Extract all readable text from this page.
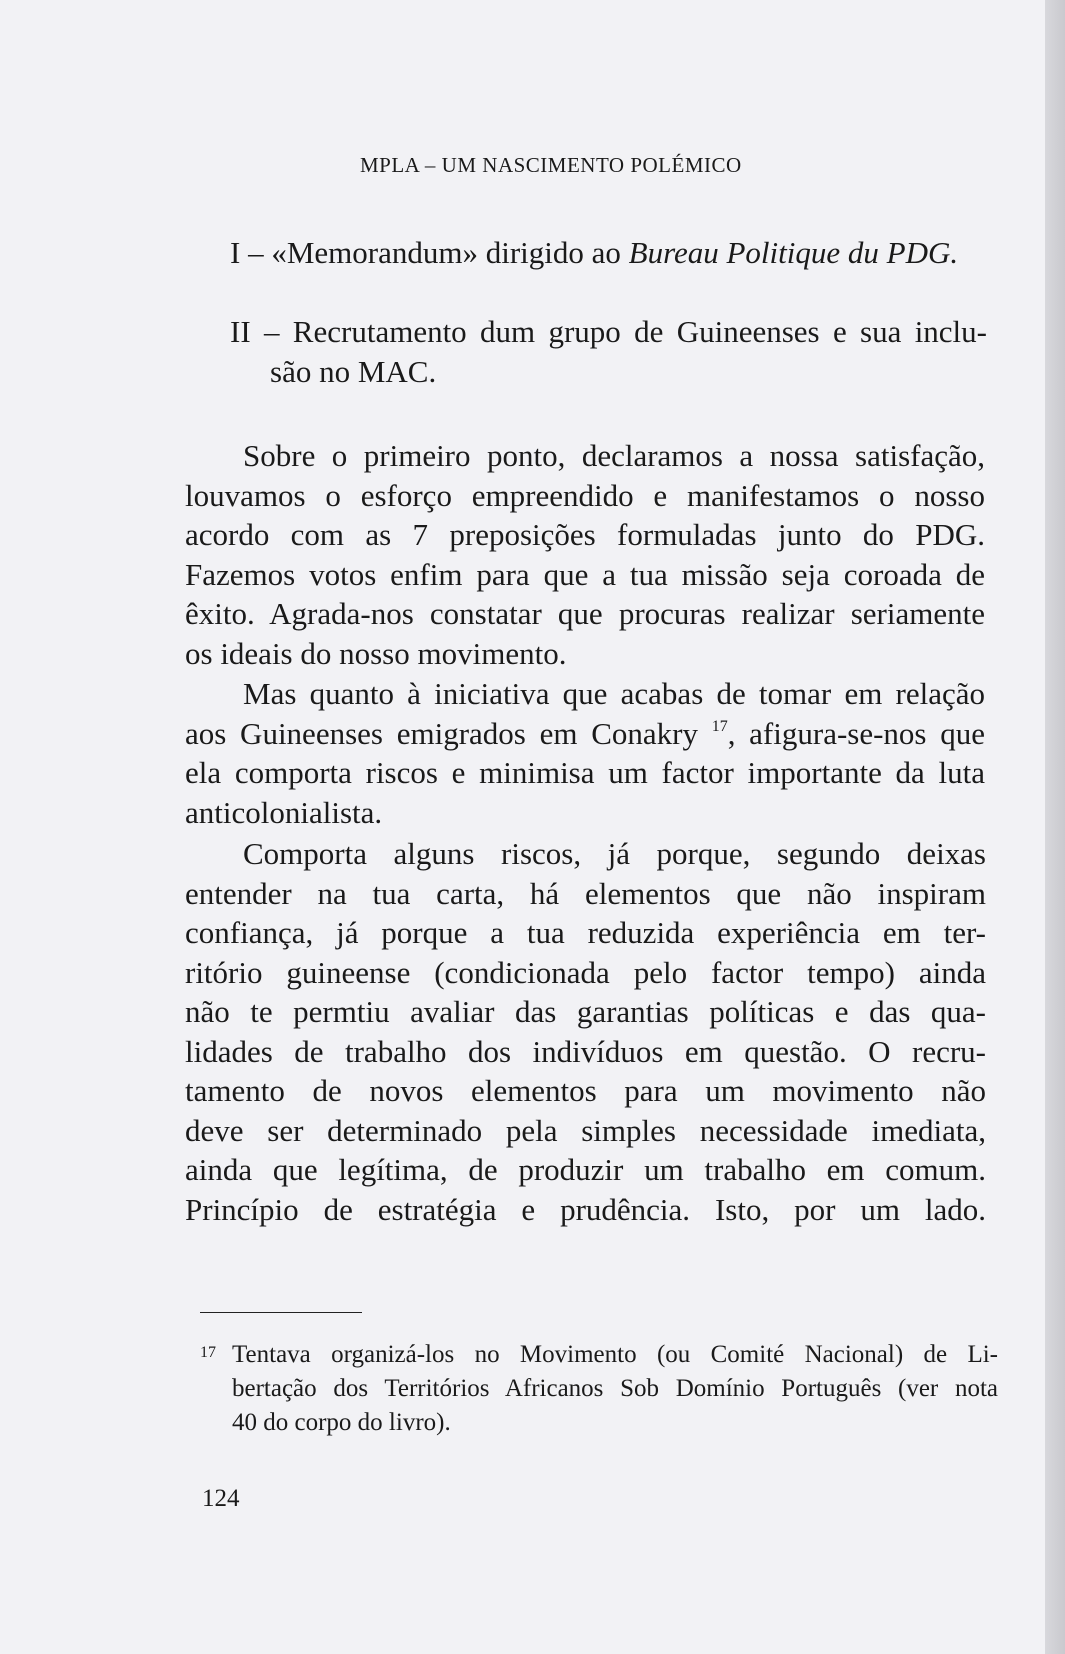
MPLA – UM NASCIMENTO POLÉMICO
I – «Memorandum» dirigido ao Bureau Politique du PDG.
II – Recrutamento dum grupo de Guineenses e sua inclu-
são no MAC.
Sobre o primeiro ponto, declaramos a nossa satisfação,
louvamos o esforço empreendido e manifestamos o nosso
acordo com as 7 preposições formuladas junto do PDG.
Fazemos votos enfim para que a tua missão seja coroada de
êxito. Agrada-nos constatar que procuras realizar seriamente
os ideais do nosso movimento.
Mas quanto à iniciativa que acabas de tomar em relação
aos Guineenses emigrados em Conakry $^{17}$, afigura-se-nos que
ela comporta riscos e minimisa um factor importante da luta
anticolonialista.
Comporta alguns riscos, já porque, segundo deixas
entender na tua carta, há elementos que não inspiram
confiança, já porque a tua reduzida experiência em ter-
ritório guineense (condicionada pelo factor tempo) ainda
não te permtiu avaliar das garantias políticas e das qua-
lidades de trabalho dos indivíduos em questão. O recru-
tamento de novos elementos para um movimento não
deve ser determinado pela simples necessidade imediata,
ainda que legítima, de produzir um trabalho em comum.
Princípio de estratégia e prudência. Isto, por um lado.
17 Tentava organizá-los no Movimento (ou Comité Nacional) de Li-
bertação dos Territórios Africanos Sob Domínio Português (ver nota
40 do corpo do livro).
124
